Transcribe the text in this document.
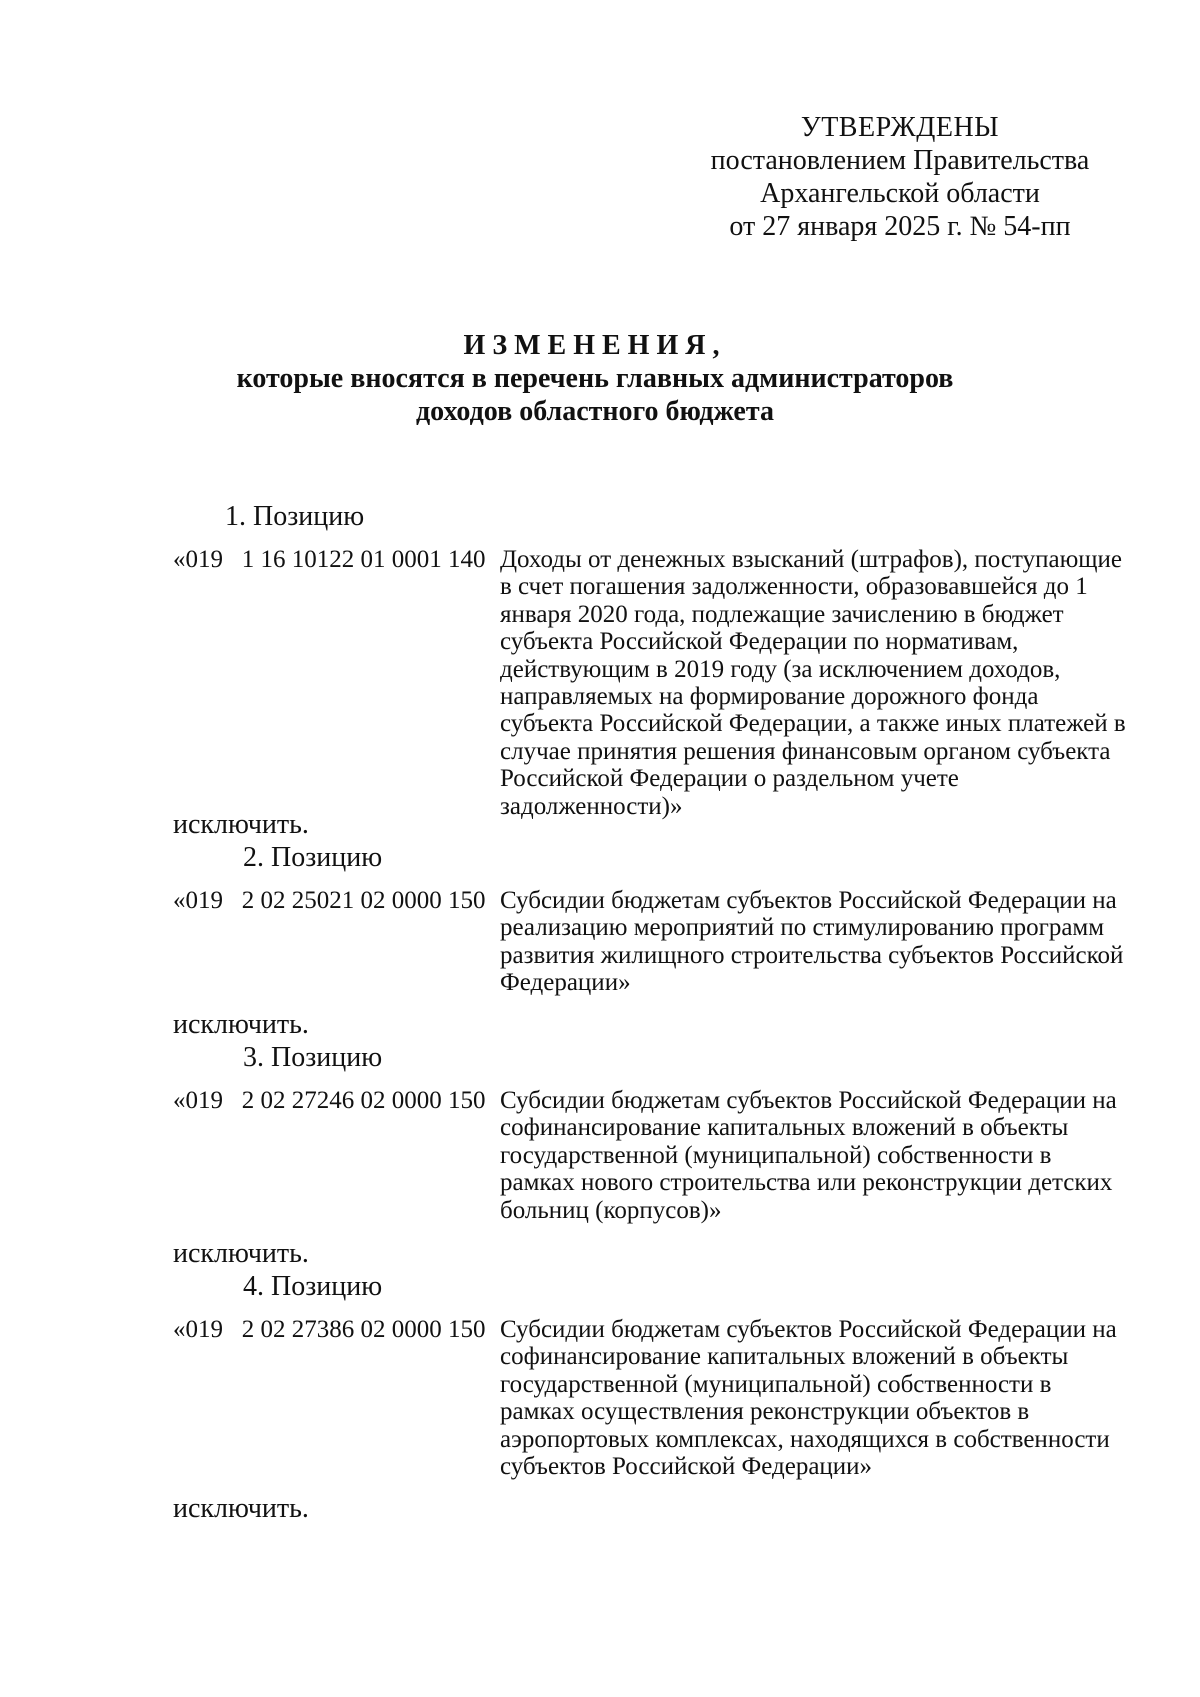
УТВЕРЖДЕНЫ
постановлением Правительства
Архангельской области
от 27 января 2025 г. № 54-пп
ИЗМЕНЕНИЯ,
которые вносятся в перечень главных администраторов
доходов областного бюджета
1. Позицию
«019   1 16 10122 01 0001 140 Доходы от денежных взысканий (штрафов), поступающие в счет погашения задолженности, образовавшейся до 1 января 2020 года, подлежащие зачислению в бюджет субъекта Российской Федерации по нормативам, действующим в 2019 году (за исключением доходов, направляемых на формирование дорожного фонда субъекта Российской Федерации, а также иных платежей в случае принятия решения финансовым органом субъекта Российской Федерации о раздельном учете задолженности)»
исключить.
2. Позицию
«019   2 02 25021 02 0000 150 Субсидии бюджетам субъектов Российской Федерации на реализацию мероприятий по стимулированию программ развития жилищного строительства субъектов Российской Федерации»
исключить.
3. Позицию
«019   2 02 27246 02 0000 150 Субсидии бюджетам субъектов Российской Федерации на софинансирование капитальных вложений в объекты государственной (муниципальной) собственности в рамках нового строительства или реконструкции детских больниц (корпусов)»
исключить.
4. Позицию
«019   2 02 27386 02 0000 150 Субсидии бюджетам субъектов Российской Федерации на софинансирование капитальных вложений в объекты государственной (муниципальной) собственности в рамках осуществления реконструкции объектов в аэропортовых комплексах, находящихся в собственности субъектов Российской Федерации»
исключить.
